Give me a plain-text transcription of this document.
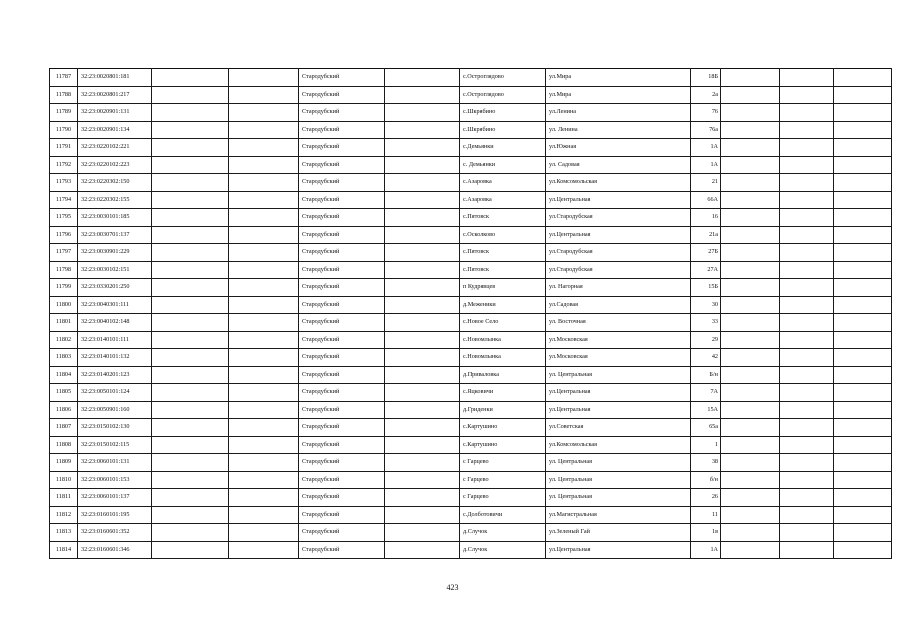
11787	32:23:0020801:181			Стародубский		с.Остроглядово	ул.Мира	18Б			
11788	32:23:0020801:217			Стародубский		с.Остроглядово	ул.Мира	2а			
11789	32:23:0020901:131			Стародубский		с.Шкрябино	ул.Ленина	76			
11790	32:23:0020901:134			Стародубский		с.Шкрябино	ул. Ленина	76а			
11791	32:23:0220102:221			Стародубский		с.Демьянки	ул.Южная	1А			
11792	32:23:0220102:223			Стародубский		с. Демьянки	ул. Садовая	1А			
11793	32:23:0220302:150			Стародубский		с.Азаровка	ул.Комсомольская	21			
11794	32:23:0220302:155			Стародубский		с.Азаровка	ул.Центральная	66А			
11795	32:23:0030101:185			Стародубский		с.Пятовск	ул.Стародубская	16			
11796	32:23:0030701:137			Стародубский		с.Осколково	ул.Центральная	21а			
11797	32:23:0030901:229			Стародубский		с.Пятовск	ул.Стародубская	27Б			
11798	32:23:0030102:151			Стародубский		с.Пятовск	ул.Стародубская	27А			
11799	32:23:0330201:250			Стародубский		п Кудрявцев	ул. Нагорная	15Б			
11800	32:23:0040301:111			Стародубский		д.Меженики	ул.Садовая	30			
11801	32:23:0040102:148			Стародубский		с.Новое Село	ул. Восточная	33			
11802	32:23:0140101:111			Стародубский		с.Новомлынка	ул.Московская	29			
11803	32:23:0140101:132			Стародубский		с.Новомлынка	ул.Московская	42			
11804	32:23:0140201:123			Стародубский		д.Приваловка	ул. Центральная	Б/н			
11805	32:23:0050101:124			Стародубский		с.Яцковичи	ул.Центральная	7А			
11806	32:23:0050901:160			Стародубский		д.Гриденки	ул.Центральная	15А			
11807	32:23:0150102:130			Стародубский		с.Картушино	ул.Советская	65а			
11808	32:23:0150102:115			Стародубский		с.Картушино	ул.Комсомольская	1			
11809	32:23:0060101:131			Стародубский		с Гарцево	ул. Центральная	38			
11810	32:23:0060101:153			Стародубский		с Гарцево	ул. Центральная	б/н			
11811	32:23:0060101:137			Стародубский		с Гарцево	ул. Центральная	26			
11812	32:23:0160101:195			Стародубский		с.Долботовичи	ул.Магистральная	11			
11813	32:23:0160601:352			Стародубский		д.Случок	ул.Зеленый Гай	1в			
11814	32:23:0160601:346			Стародубский		д.Случок	ул.Центральная	1А			
423
